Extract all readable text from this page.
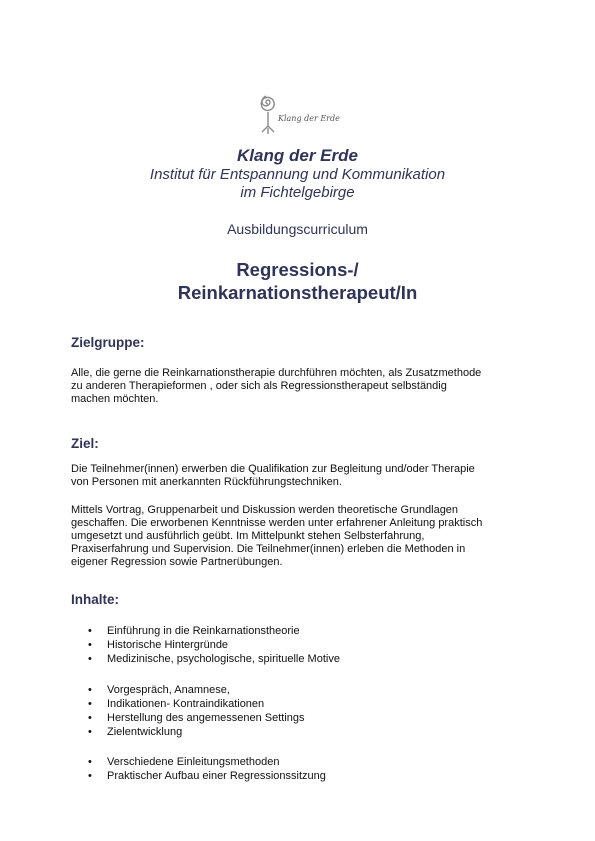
Klang der Erde
Klang der Erde
Institut für Entspannung und Kommunikation
im Fichtelgebirge
Ausbildungscurriculum
Regressions-/
Reinkarnationstherapeut/In
Zielgruppe:
Alle, die gerne die Reinkarnationstherapie durchführen möchten, als Zusatzmethode
zu anderen Therapieformen , oder sich als Regressionstherapeut selbständig
machen möchten.
Ziel:
Die Teilnehmer(innen) erwerben die Qualifikation zur Begleitung und/oder Therapie
von Personen mit anerkannten Rückführungstechniken.
Mittels Vortrag, Gruppenarbeit und Diskussion werden theoretische Grundlagen
geschaffen. Die erworbenen Kenntnisse werden unter erfahrener Anleitung praktisch
umgesetzt und ausführlich geübt. Im Mittelpunkt stehen Selbsterfahrung,
Praxiserfahrung und Supervision. Die Teilnehmer(innen) erleben die Methoden in
eigener Regression sowie Partnerübungen.
Inhalte:
• Einführung in die Reinkarnationstheorie
• Historische Hintergründe
• Medizinische, psychologische, spirituelle Motive
• Vorgespräch, Anamnese,
• Indikationen- Kontraindikationen
• Herstellung des angemessenen Settings
• Zielentwicklung
• Verschiedene Einleitungsmethoden
• Praktischer Aufbau einer Regressionssitzung
